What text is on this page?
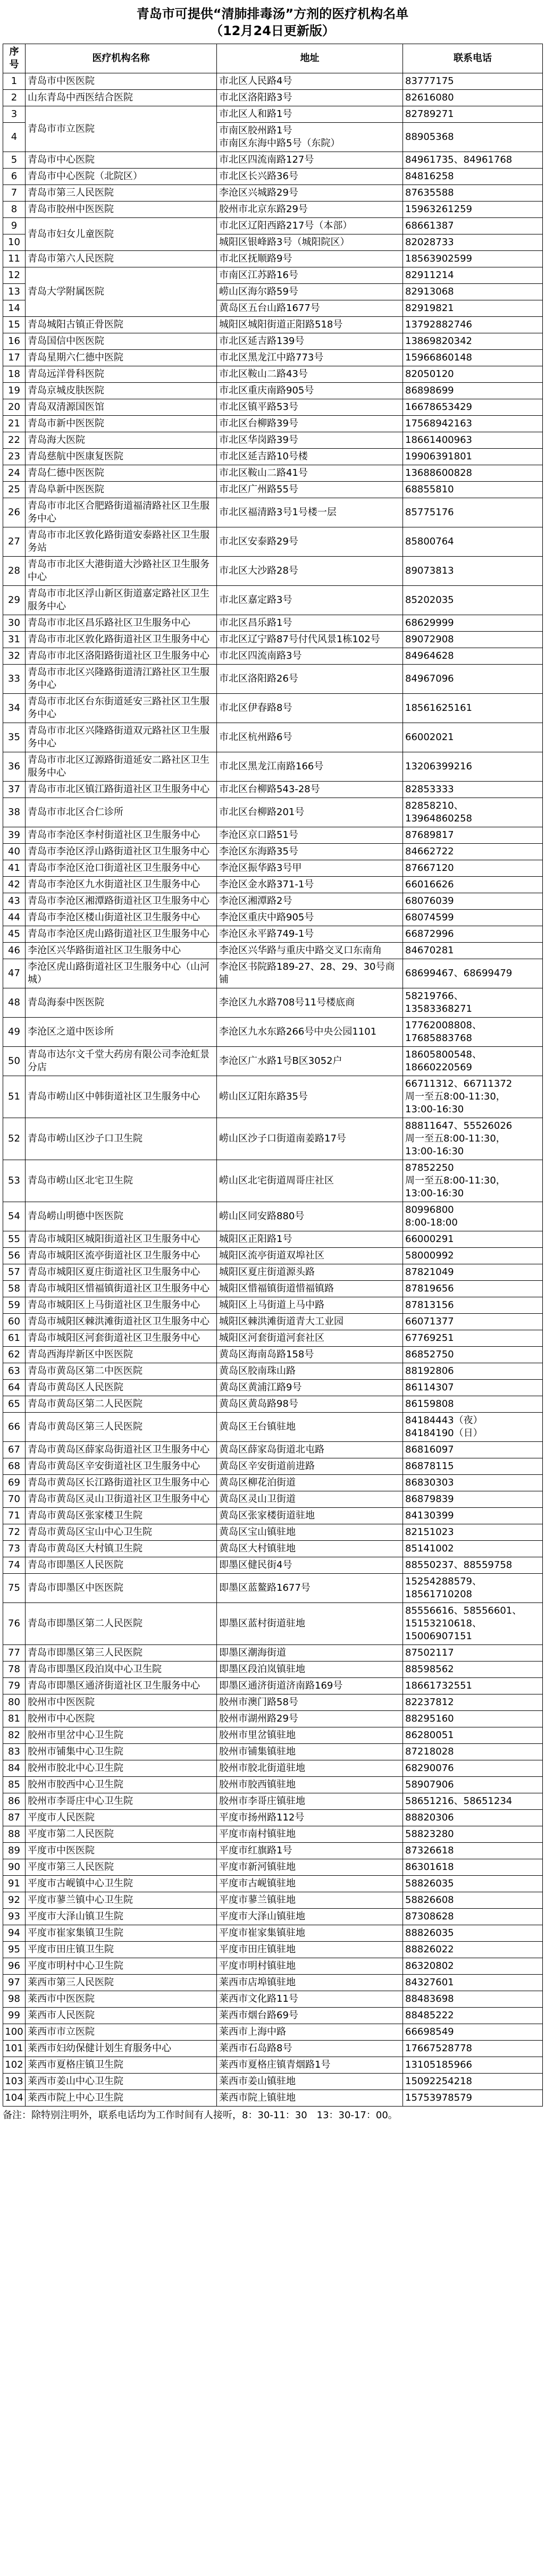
青岛市可提供“清肺排毒汤”方剂的医疗机构名单
（12月24日更新版）
序号	医疗机构名称	地址	联系电话
1	青岛市中医医院	市北区人民路4号	83777175

2	山东青岛中西医结合医院	市北区洛阳路3号	82616080

3	青岛市市立医院	市北区人和路1号	82789271

4		市南区胶州路1号
市南区东海中路5号（东院）	88905368

5	青岛市中心医院	市北区四流南路127号	84961735、84961768

6	青岛市中心医院（北院区）	市北区长兴路36号	84816258

7	青岛市第三人民医院	李沧区兴城路29号	87635588

8	青岛市胶州中医医院	胶州市北京东路29号	15963261259

9	青岛市妇女儿童医院	市北区辽阳西路217号（本部）	68661387

10		城阳区银峰路3号（城阳院区）	82028733

11	青岛市第六人民医院	市北区抚顺路9号	18563902599

12	青岛大学附属医院	市南区江苏路16号	82911214

13		崂山区海尔路59号	82913068

14		黄岛区五台山路1677号	82919821

15	青岛城阳古镇正骨医院	城阳区城阳街道正阳路518号	13792882746

16	青岛国信中医医院	市北区延吉路139号	13869820342

17	青岛星期六仁德中医院	市北区黑龙江中路773号	15966860148

18	青岛远洋骨科医院	市北区鞍山二路43号	82050120

19	青岛京城皮肤医院	市北区重庆南路905号	86898699

20	青岛双清源国医馆	市北区镇平路53号	16678653429

21	青岛市新中医医院	市北区台柳路39号	17568942163

22	青岛海大医院	市北区华岗路39号	18661400963

23	青岛慈航中医康复医院	市北区延吉路10号楼	19906391801

24	青岛仁德中医医院	市北区鞍山二路41号	13688600828

25	青岛阜新中医医院	市北区广州路55号	68855810

26	青岛市市北区合肥路街道福清路社区卫生服务中心	市北区福清路3号1号楼一层	85775176

27	青岛市市北区敦化路街道安泰路社区卫生服务站	市北区安泰路29号	85800764

28	青岛市市北区大港街道大沙路社区卫生服务中心	市北区大沙路28号	89073813

29	青岛市市北区浮山新区街道嘉定路社区卫生服务中心	市北区嘉定路3号	85202035

30	青岛市市北区昌乐路社区卫生服务中心	市北区昌乐路1号	68629999

31	青岛市市北区敦化路街道社区卫生服务中心	市北区辽宁路87号付代风景1栋102号	89072908

32	青岛市市北区洛阳路街道社区卫生服务中心	市北区四流南路3号	84964628

33	青岛市市北区兴隆路街道清江路社区卫生服务中心	市北区洛阳路26号	84967096

34	青岛市市北区台东街道延安三路社区卫生服务中心	市北区伊春路8号	18561625161

35	青岛市市北区兴隆路街道双元路社区卫生服务中心	市北区杭州路6号	66002021

36	青岛市市北区辽源路街道延安二路社区卫生服务中心	市北区黑龙江南路166号	13206399216

37	青岛市市北区镇江路街道社区卫生服务中心	市北区台柳路543-28号	82853333

38	青岛市市北区合仁诊所	市北区台柳路201号	82858210、
13964860258

39	青岛市李沧区李村街道社区卫生服务中心	李沧区京口路51号	87689817

40	青岛市李沧区浮山路街道社区卫生服务中心	李沧区东海路35号	84662722

41	青岛市李沧区沧口街道社区卫生服务中心	李沧区振华路3号甲	87667120

42	青岛市李沧区九水街道社区卫生服务中心	李沧区金水路371-1号	66016626

43	青岛市李沧区湘潭路街道社区卫生服务中心	李沧区湘潭路2号	68076039

44	青岛市李沧区楼山街道社区卫生服务中心	李沧区重庆中路905号	68074599

45	青岛市李沧区虎山路街道社区卫生服务中心	李沧区永平路749-1号	66872996

46	李沧区兴华路街道社区卫生服务中心	李沧区兴华路与重庆中路交叉口东南角	84670281

47	李沧区虎山路街道社区卫生服务中心（山河城）	李沧区书院路189-27、28、29、30号商铺	68699467、68699479

48	青岛海泰中医医院	李沧区九水路708号11号楼底商	58219766、
13583368271

49	李沧区之道中医诊所	李沧区九水东路266号中央公园1101	17762008808、
17685883768

50	青岛市达尔文千堂大药房有限公司李沧虹景分店	李沧区广水路1号B区3052户	18605800548、
18660220569

51	青岛市崂山区中韩街道社区卫生服务中心	崂山区辽阳东路35号	66711312、66711372
周一至五8:00-11:30，
13:00-16:30

52	青岛市崂山区沙子口卫生院	崂山区沙子口街道南姜路17号	88811647、55526026
周一至五8:00-11:30，
13:00-16:30

53	青岛市崂山区北宅卫生院	崂山区北宅街道周哥庄社区	87852250
周一至五8:00-11:30，
13:00-16:30

54	青岛崂山明德中医医院	崂山区同安路880号	80996800
8:00-18:00

55	青岛市城阳区城阳街道社区卫生服务中心	城阳区正阳路1号	66000291

56	青岛市城阳区流亭街道社区卫生服务中心	城阳区流亭街道双埠社区	58000992

57	青岛市城阳区夏庄街道社区卫生服务中心	城阳区夏庄街道源头路	87821049

58	青岛市城阳区惜福镇街道社区卫生服务中心	城阳区惜福镇街道惜福镇路	87819656

59	青岛市城阳区上马街道社区卫生服务中心	城阳区上马街道上马中路	87813156

60	青岛市城阳区棘洪滩街道社区卫生服务中心	城阳区棘洪滩街道青大工业园	66071377

61	青岛市城阳区河套街道社区卫生服务中心	城阳区河套街道河套社区	67769251

62	青岛西海岸新区中医医院	黄岛区海南岛路158号	86852750

63	青岛市黄岛区第二中医医院	黄岛区胶南珠山路	88192806

64	青岛市黄岛区人民医院	黄岛区黄浦江路9号	86114307

65	青岛市黄岛区第二人民医院	黄岛区黄岛路98号	86159808

66	青岛市黄岛区第三人民医院	黄岛区王台镇驻地	84184443（夜）
84184190（日）

67	青岛市黄岛区薛家岛街道社区卫生服务中心	黄岛区薛家岛街道北屯路	86816097

68	青岛市黄岛区辛安街道社区卫生服务中心	黄岛区辛安街道前进路	86878115

69	青岛市黄岛区长江路街道社区卫生服务中心	黄岛区柳花泊街道	86830303

70	青岛市黄岛区灵山卫街道社区卫生服务中心	黄岛区灵山卫街道	86879839

71	青岛市黄岛区张家楼卫生院	黄岛区张家楼街道驻地	84130399

72	青岛市黄岛区宝山中心卫生院	黄岛区宝山镇驻地	82151023

73	青岛市黄岛区大村镇卫生院	黄岛区大村镇驻地	85141002

74	青岛市即墨区人民医院	即墨区健民街4号	88550237、88559758

75	青岛市即墨区中医医院	即墨区蓝鳌路1677号	15254288579、
18561710208

76	青岛市即墨区第二人民医院	即墨区蓝村街道驻地	85556616、58556601、
15153210618、
15006907151

77	青岛市即墨区第三人民医院	即墨区潮海街道	87502117

78	青岛市即墨区段泊岚中心卫生院	即墨区段泊岚镇驻地	88598562

79	青岛市即墨区通济街道社区卫生服务中心	即墨区通济街道济南路169号	18661732551

80	胶州市中医医院	胶州市澳门路58号	82237812

81	胶州市中心医院	胶州市湖州路29号	88295160

82	胶州市里岔中心卫生院	胶州市里岔镇驻地	86280051

83	胶州市铺集中心卫生院	胶州市铺集镇驻地	87218028

84	胶州市胶北中心卫生院	胶州市胶北街道驻地	68290076

85	胶州市胶西中心卫生院	胶州市胶西镇驻地	58907906

86	胶州市李哥庄中心卫生院	胶州市李哥庄镇驻地	58651216、58651234

87	平度市人民医院	平度市扬州路112号	88820306

88	平度市第二人民医院	平度市南村镇驻地	58823280

89	平度市中医医院	平度市红旗路1号	87326618

90	平度市第三人民医院	平度市新河镇驻地	86301618

91	平度市古岘镇中心卫生院	平度市古岘镇驻地	58826035

92	平度市蓼兰镇中心卫生院	平度市蓼兰镇驻地	58826608

93	平度市大泽山镇卫生院	平度市大泽山镇驻地	87308628

94	平度市崔家集镇卫生院	平度市崔家集镇驻地	88826035

95	平度市田庄镇卫生院	平度市田庄镇驻地	88826022

96	平度市明村中心卫生院	平度市明村镇驻地	86320802

97	莱西市第三人民医院	莱西市店埠镇驻地	84327601

98	莱西市中医医院	莱西市文化路11号	88483698

99	莱西市人民医院	莱西市烟台路69号	88485222

100	莱西市市立医院	莱西市上海中路	66698549

101	莱西市妇幼保健计划生育服务中心	莱西市石岛路8号	17667528778

102	莱西市夏格庄镇卫生院	莱西市夏格庄镇青烟路1号	13105185966

103	莱西市姜山中心卫生院	莱西市姜山镇驻地	15092254218

104	莱西市院上中心卫生院	莱西市院上镇驻地	15753978579
备注：除特别注明外，联系电话均为工作时间有人接听，8：30-11：30　13：30-17：00。
